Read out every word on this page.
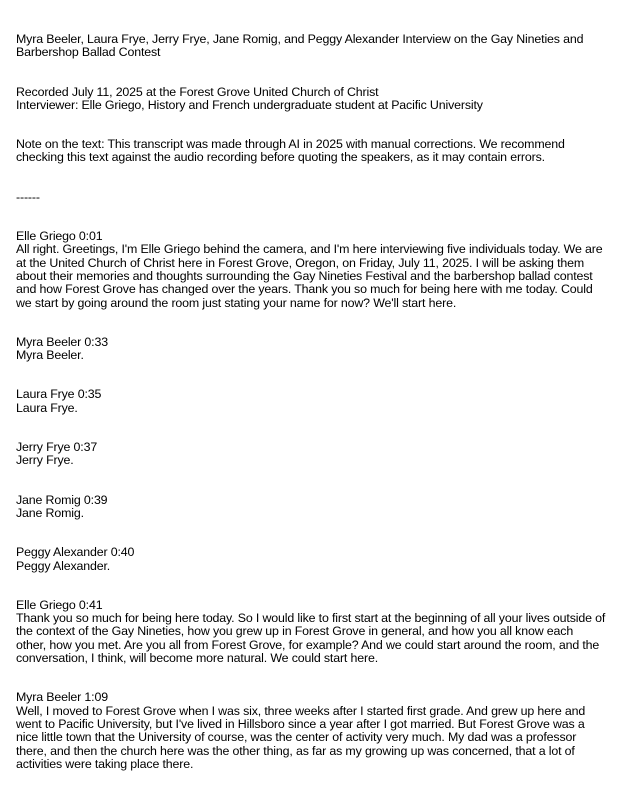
Myra Beeler, Laura Frye, Jerry Frye, Jane Romig, and Peggy Alexander Interview on the Gay Nineties and Barbershop Ballad Contest

Recorded July 11, 2025 at the Forest Grove United Church of Christ

Interviewer: Elle Griego, History and French undergraduate student at Pacific University

Note on the text: This transcript was made through AI in 2025 with manual corrections. We recommend checking this text against the audio recording before quoting the speakers, as it may contain errors.

------

Elle Griego 0:01
All right. Greetings, I'm Elle Griego behind the camera, and I'm here interviewing five individuals today. We are at the United Church of Christ here in Forest Grove, Oregon, on Friday, July 11, 2025. I will be asking them about their memories and thoughts surrounding the Gay Nineties Festival and the barbershop ballad contest and how Forest Grove has changed over the years. Thank you so much for being here with me today. Could we start by going around the room just stating your name for now? We'll start here.
Myra Beeler 0:33
Myra Beeler.
Laura Frye 0:35
Laura Frye.
Jerry Frye 0:37
Jerry Frye.
Jane Romig 0:39
Jane Romig.
Peggy Alexander 0:40
Peggy Alexander.
Elle Griego 0:41
Thank you so much for being here today. So I would like to first start at the beginning of all your lives outside of the context of the Gay Nineties, how you grew up in Forest Grove in general, and how you all know each other, how you met. Are you all from Forest Grove, for example? And we could start around the room, and the conversation, I think, will become more natural. We could start here.
Myra Beeler 1:09
Well, I moved to Forest Grove when I was six, three weeks after I started first grade. And grew up here and went to Pacific University, but I've lived in Hillsboro since a year after I got married. But Forest Grove was a nice little town that the University of course, was the center of activity very much. My dad was a professor there, and then the church here was the other thing, as far as my growing up was concerned, that a lot of activities were taking place there.
